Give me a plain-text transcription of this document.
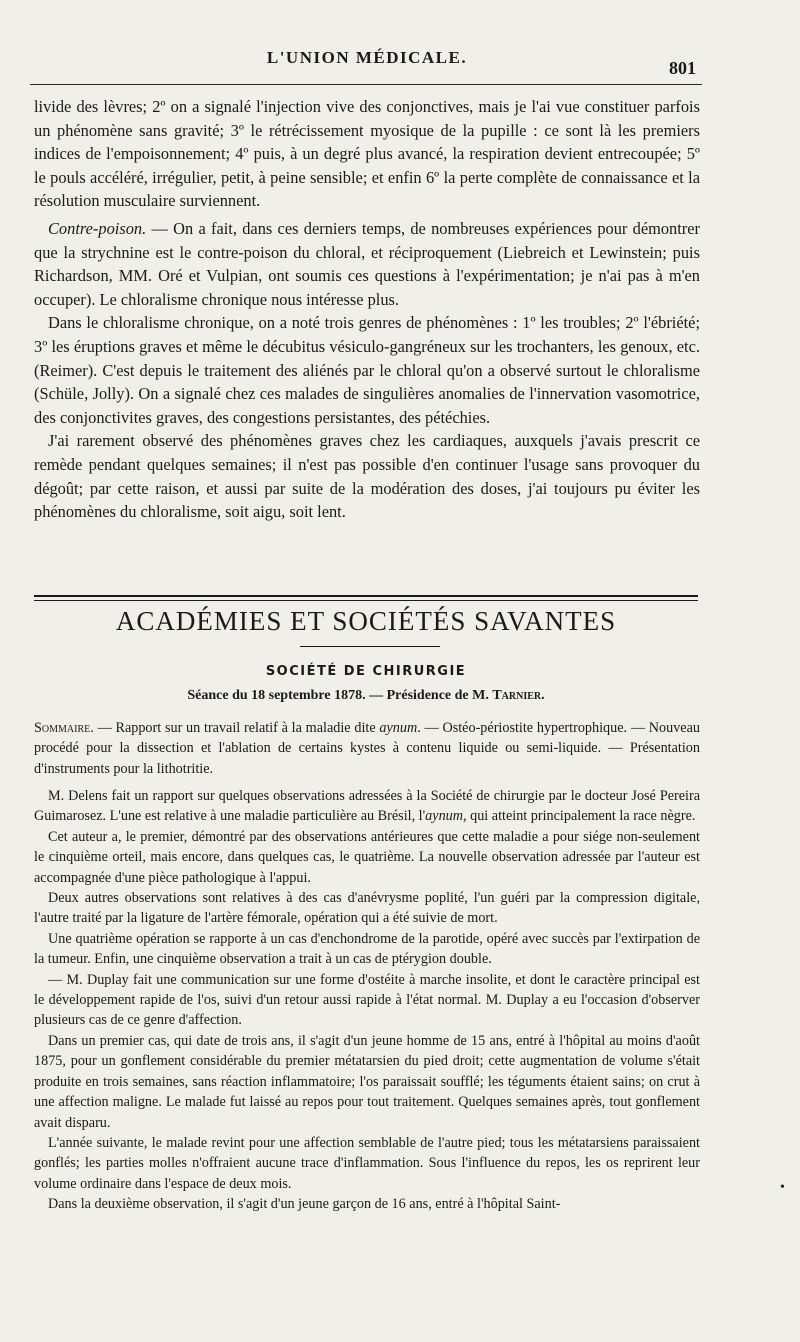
L'UNION MÉDICALE.
801

livide des lèvres; 2º on a signalé l'injection vive des conjonctives, mais je l'ai vue constituer parfois un phénomène sans gravité; 3º le rétrécissement myosique de la pupille : ce sont là les premiers indices de l'empoisonnement; 4º puis, à un degré plus avancé, la respiration devient entrecoupée; 5º le pouls accéléré, irrégulier, petit, à peine sensible; et enfin 6º la perte complète de connaissance et la résolution musculaire surviennent.

Contre-poison. — On a fait, dans ces derniers temps, de nombreuses expériences pour démontrer que la strychnine est le contre-poison du chloral, et réciproquement (Liebreich et Lewinstein; puis Richardson, MM. Oré et Vulpian, ont soumis ces questions à l'expérimentation; je n'ai pas à m'en occuper). Le chloralisme chronique nous intéresse plus.

Dans le chloralisme chronique, on a noté trois genres de phénomènes : 1º les troubles; 2º l'ébriété; 3º les éruptions graves et même le décubitus vésiculo-gangréneux sur les trochanters, les genoux, etc. (Reimer). C'est depuis le traitement des aliénés par le chloral qu'on a observé surtout le chloralisme (Schüle, Jolly). On a signalé chez ces malades de singulières anomalies de l'innervation vasomotrice, des conjonctivites graves, des congestions persistantes, des pétéchies.

J'ai rarement observé des phénomènes graves chez les cardiaques, auxquels j'avais prescrit ce remède pendant quelques semaines; il n'est pas possible d'en continuer l'usage sans provoquer du dégoût; par cette raison, et aussi par suite de la modération des doses, j'ai toujours pu éviter les phénomènes du chloralisme, soit aigu, soit lent.

ACADÉMIES ET SOCIÉTÉS SAVANTES
SOCIÉTÉ DE CHIRURGIE
Séance du 18 septembre 1878. — Présidence de M. Tarnier.

Sommaire. — Rapport sur un travail relatif à la maladie dite aynum. — Ostéo-périostite hypertrophique. — Nouveau procédé pour la dissection et l'ablation de certains kystes à contenu liquide ou semi-liquide. — Présentation d'instruments pour la lithotritie.

M. Delens fait un rapport sur quelques observations adressées à la Société de chirurgie par le docteur José Pereira Guimarosez. L'une est relative à une maladie particulière au Brésil, l'aynum, qui atteint principalement la race nègre.

Cet auteur a, le premier, démontré par des observations antérieures que cette maladie a pour siége non-seulement le cinquième orteil, mais encore, dans quelques cas, le quatrième. La nouvelle observation adressée par l'auteur est accompagnée d'une pièce pathologique à l'appui.

Deux autres observations sont relatives à des cas d'anévrysme poplité, l'un guéri par la compression digitale, l'autre traité par la ligature de l'artère fémorale, opération qui a été suivie de mort.

Une quatrième opération se rapporte à un cas d'enchondrome de la parotide, opéré avec succès par l'extirpation de la tumeur. Enfin, une cinquième observation a trait à un cas de ptérygion double.

— M. Duplay fait une communication sur une forme d'ostéite à marche insolite, et dont le caractère principal est le développement rapide de l'os, suivi d'un retour aussi rapide à l'état normal. M. Duplay a eu l'occasion d'observer plusieurs cas de ce genre d'affection.

Dans un premier cas, qui date de trois ans, il s'agit d'un jeune homme de 15 ans, entré à l'hôpital au moins d'août 1875, pour un gonflement considérable du premier métatarsien du pied droit; cette augmentation de volume s'était produite en trois semaines, sans réaction inflammatoire; l'os paraissait soufflé; les téguments étaient sains; on crut à une affection maligne. Le malade fut laissé au repos pour tout traitement. Quelques semaines après, tout gonflement avait disparu.

L'année suivante, le malade revint pour une affection semblable de l'autre pied; tous les métatarsiens paraissaient gonflés; les parties molles n'offraient aucune trace d'inflammation. Sous l'influence du repos, les os reprirent leur volume ordinaire dans l'espace de deux mois.

Dans la deuxième observation, il s'agit d'un jeune garçon de 16 ans, entré à l'hôpital Saint-

•
